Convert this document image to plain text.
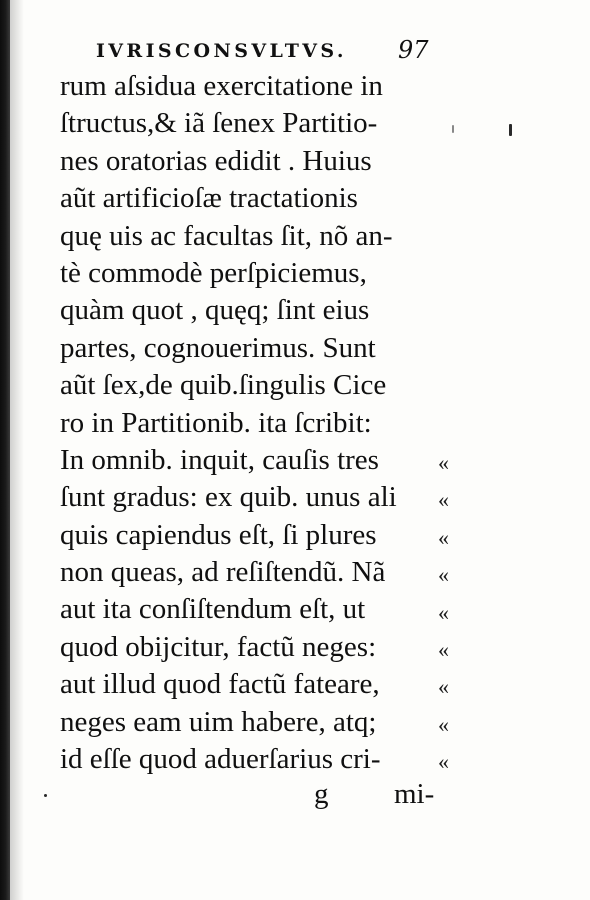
IVRISCONSVLTVS. 97
rum aſsidua exercitatione in
ſtructus,& iã ſenex Partitio-
nes oratorias edidit . Huius
aũt artificioſæ tractationis
quę uis ac facultas ſit, nõ an-
tè commodè perſpiciemus,
quàm quot , quęq; ſint eius
partes, cognouerimus. Sunt
aũt ſex,de quib.ſingulis Cice
ro in Partitionib. ita ſcribit:
In omnib. inquit, cauſis tres
ſunt gradus: ex quib. unus ali
quis capiendus eſt, ſi plures
non queas, ad reſiſtendũ. Nã
aut ita conſiſtendum eſt, ut
quod obijcitur, factũ neges:
aut illud quod factũ fateare,
neges eam uim habere, atq;
id eſſe quod aduerſarius cri-
«
«
«
«
«
«
«
«
«
g mi-
